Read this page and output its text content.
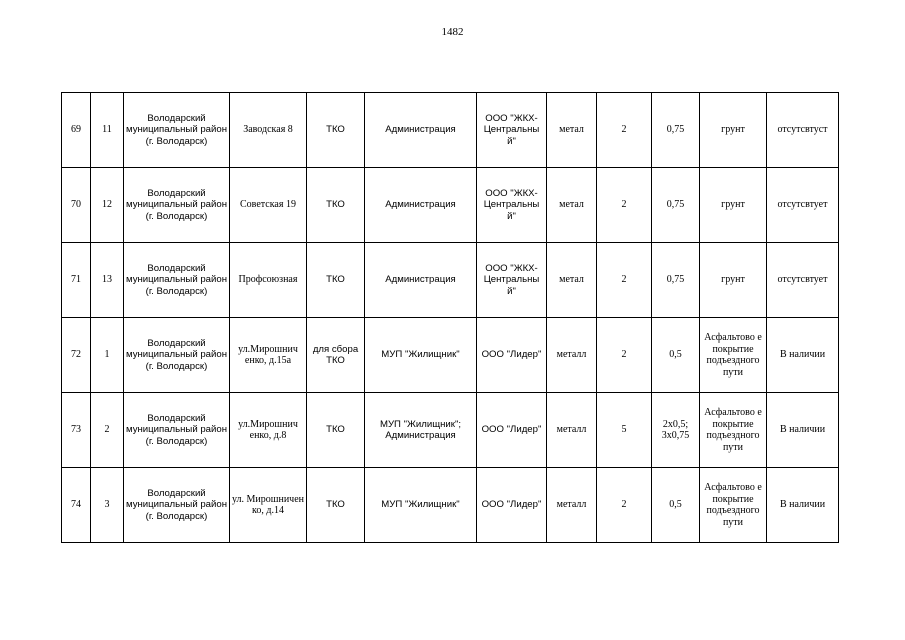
1482
69	11	Володарский муниципальный район (г. Володарск)	Заводская 8	ТКО	Администрация	ООО "ЖКХ-Центральны й"	метал	2	0,75	грунт	отсутсвтуст
70	12	Володарский муниципальный район (г. Володарск)	Советская 19	ТКО	Администрация	ООО "ЖКХ-Центральны й"	метал	2	0,75	грунт	отсутсвтует
71	13	Володарский муниципальный район (г. Володарск)	Профсоюзная	ТКО	Администрация	ООО "ЖКХ-Центральны й"	метал	2	0,75	грунт	отсутсвтует
72	1	Володарский муниципальный район (г. Володарск)	ул.Мирошнич енко, д.15а	для сбора ТКО	МУП "Жилищник"	ООО "Лидер"	металл	2	0,5	Асфальтово е покрытие подъездного пути	В наличии
73	2	Володарский муниципальный район (г. Володарск)	ул.Мирошнич енко, д.8	ТКО	МУП "Жилищник"; Администрация	ООО "Лидер"	металл	5	2х0,5; 3х0,75	Асфальтово е покрытие подъездного пути	В наличии
74	3	Володарский муниципальный район (г. Володарск)	ул. Мирошничен ко, д.14	ТКО	МУП "Жилищник"	ООО "Лидер"	металл	2	0,5	Асфальтово е покрытие подъездного пути	В наличии
